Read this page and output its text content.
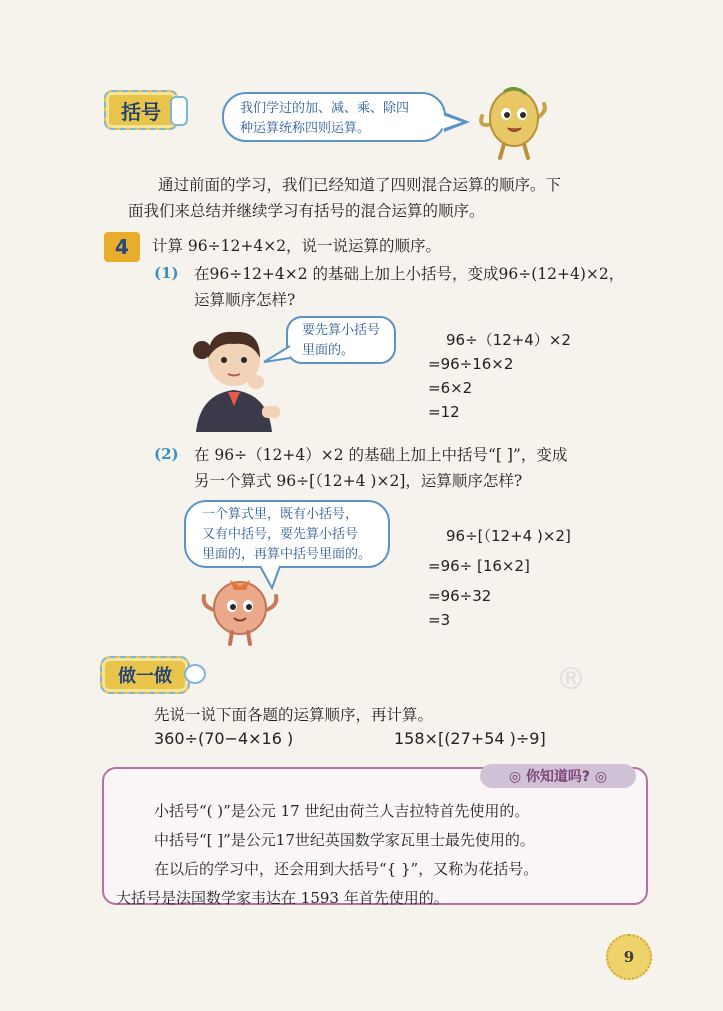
®
括号	我们学过的加、减、乘、除四
种运算统称四则运算。
通过前面的学习，我们已经知道了四则混合运算的顺序。下
面我们来总结并继续学习有括号的混合运算的顺序。
4	计算 96÷12+4×2，说一说运算的顺序。
(1) 在96÷12+4×2 的基础上加上小括号，变成96÷(12+4)×2，
运算顺序怎样?
要先算小括号
里面的。
96÷（12+4）×2
=96÷16×2
=6×2
=12
(2) 在 96÷（12+4）×2 的基础上加上中括号“[ ]”，变成
另一个算式 96÷[（12+4 )×2]，运算顺序怎样?
一个算式里，既有小括号，
又有中括号，要先算小括号
里面的，再算中括号里面的。
96÷[（12+4 )×2]
=96÷ [16×2]
=96÷32
=3
做一做
先说一说下面各题的运算顺序，再计算。
360÷(70−4×16 )	158×[(27+54 )÷9]
◎ 你知道吗? ◎
小括号“( )”是公元 17 世纪由荷兰人吉拉特首先使用的。
中括号“[ ]”是公元17世纪英国数学家瓦里士最先使用的。
在以后的学习中，还会用到大括号“{ }”，又称为花括号。
大括号是法国数学家韦达在 1593 年首先使用的。
9
